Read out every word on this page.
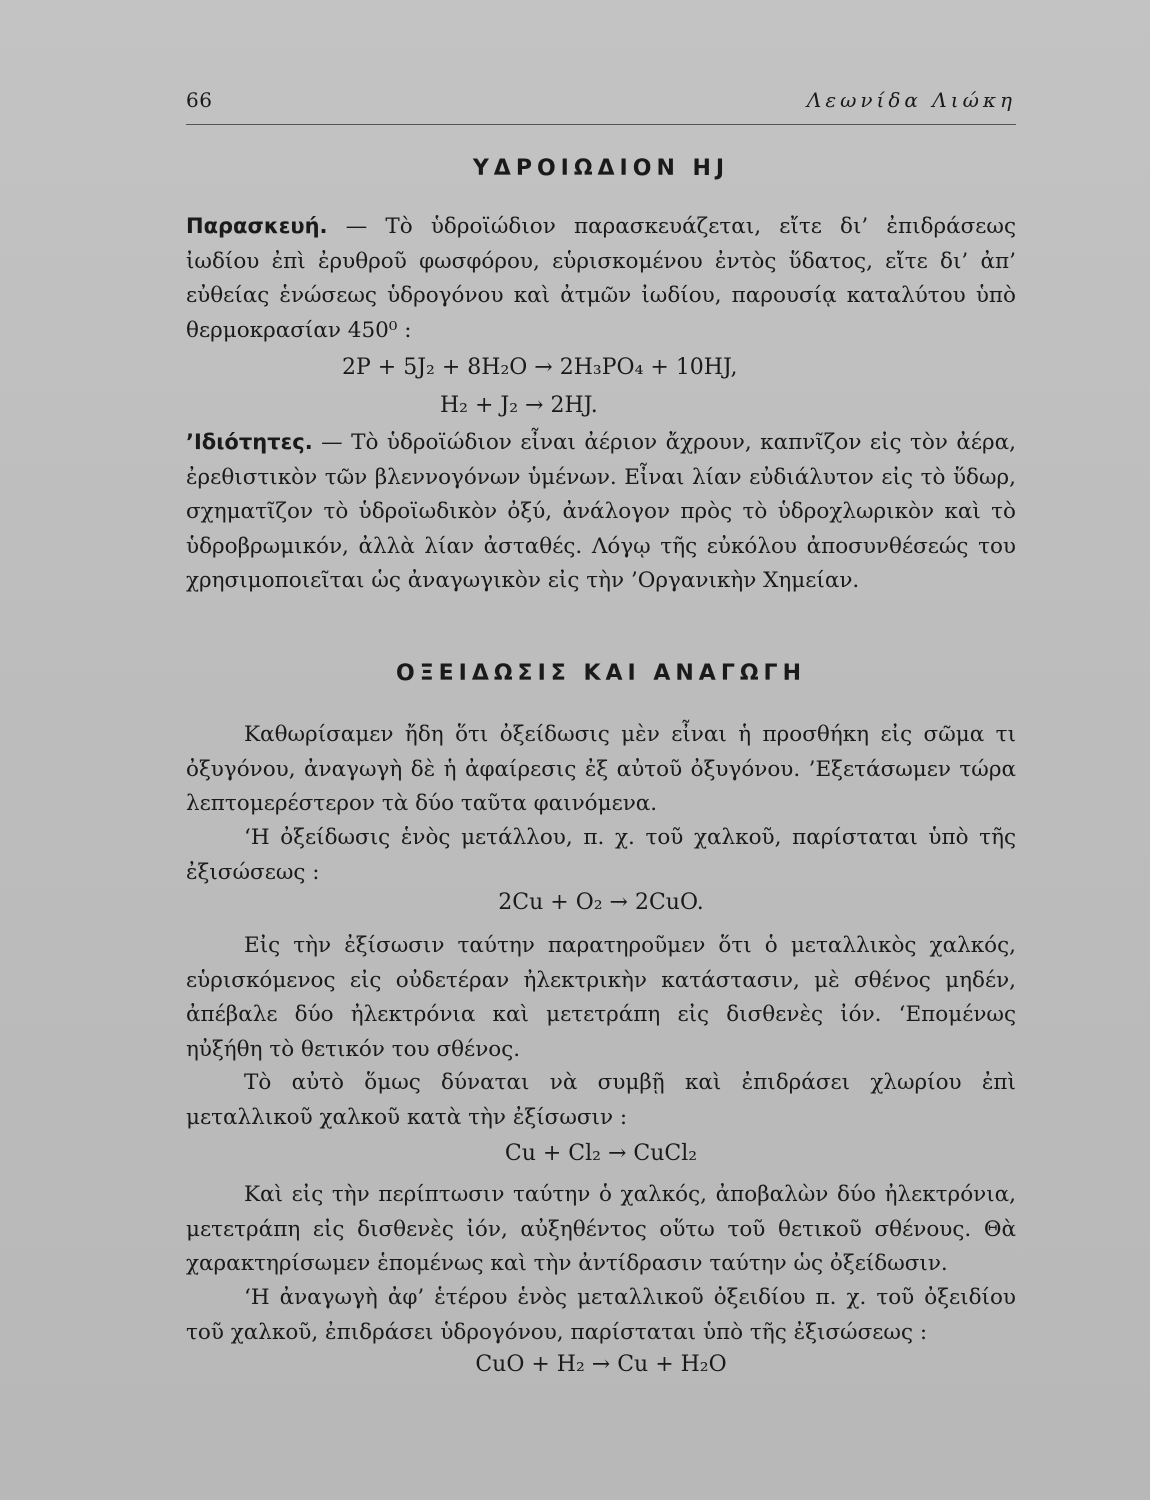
66	Λεωνίδα Λιώκη
ΥΔΡΟΙΩΔΙΟΝ HJ
Παρασκευή. — Τὸ ὑδροϊώδιον παρασκευάζεται, εἴτε δι’ ἐπιδράσεως ἰωδίου ἐπὶ ἐρυθροῦ φωσφόρου, εὑρισκομένου ἐντὸς ὕδατος, εἴτε δι’ ἀπ’ εὐθείας ἑνώσεως ὑδρογόνου καὶ ἀτμῶν ἰωδίου, παρουσίᾳ καταλύτου ὑπὸ θερμοκρασίαν 450⁰ :
2P + 5J₂ + 8H₂O → 2H₃PO₄ + 10HJ,
H₂ + J₂ → 2HJ.
’Ιδιότητες. — Τὸ ὑδροϊώδιον εἶναι ἀέριον ἄχρουν, καπνῖζον εἰς τὸν ἀέρα, ἐρεθιστικὸν τῶν βλεννογόνων ὑμένων. Εἶναι λίαν εὐδιάλυτον εἰς τὸ ὕδωρ, σχηματῖζον τὸ ὑδροϊωδικὸν ὀξύ, ἀνάλογον πρὸς τὸ ὑδροχλωρικὸν καὶ τὸ ὑδροβρωμικόν, ἀλλὰ λίαν ἀσταθές. Λόγῳ τῆς εὐκόλου ἀποσυνθέσεώς του χρησιμοποιεῖται ὡς ἀναγωγικὸν εἰς τὴν ’Οργανικὴν Χημείαν.
ΟΞΕΙΔΩΣΙΣ ΚΑΙ ΑΝΑΓΩΓΗ
Καθωρίσαμεν ἤδη ὅτι ὀξείδωσις μὲν εἶναι ἡ προσθήκη εἰς σῶμα τι ὀξυγόνου, ἀναγωγὴ δὲ ἡ ἀφαίρεσις ἐξ αὐτοῦ ὀξυγόνου. ’Εξετάσωμεν τώρα λεπτομερέστερον τὰ δύο ταῦτα φαινόμενα.
‘Η ὀξείδωσις ἑνὸς μετάλλου, π. χ. τοῦ χαλκοῦ, παρίσταται ὑπὸ τῆς ἐξισώσεως :
2Cu + O₂ → 2CuO.
Εἰς τὴν ἐξίσωσιν ταύτην παρατηροῦμεν ὅτι ὁ μεταλλικὸς χαλκός, εὑρισκόμενος εἰς οὐδετέραν ἠλεκτρικὴν κατάστασιν, μὲ σθένος μηδέν, ἀπέβαλε δύο ἠλεκτρόνια καὶ μετετράπη εἰς δισθενὲς ἰόν. ‘Επομένως ηὐξήθη τὸ θετικόν του σθένος.
Τὸ αὐτὸ ὅμως δύναται νὰ συμβῇ καὶ ἐπιδράσει χλωρίου ἐπὶ μεταλλικοῦ χαλκοῦ κατὰ τὴν ἐξίσωσιν :
Cu + Cl₂ → CuCl₂
Καὶ εἰς τὴν περίπτωσιν ταύτην ὁ χαλκός, ἀποβαλὼν δύο ἠλεκτρόνια, μετετράπη εἰς δισθενὲς ἰόν, αὐξηθέντος οὕτω τοῦ θετικοῦ σθένους. Θὰ χαρακτηρίσωμεν ἑπομένως καὶ τὴν ἀντίδρασιν ταύτην ὡς ὀξείδωσιν.
‘Η ἀναγωγὴ ἀφ’ ἑτέρου ἑνὸς μεταλλικοῦ ὀξειδίου π. χ. τοῦ ὀξειδίου τοῦ χαλκοῦ, ἐπιδράσει ὑδρογόνου, παρίσταται ὑπὸ τῆς ἐξισώσεως :
CuO + H₂ → Cu + H₂O
